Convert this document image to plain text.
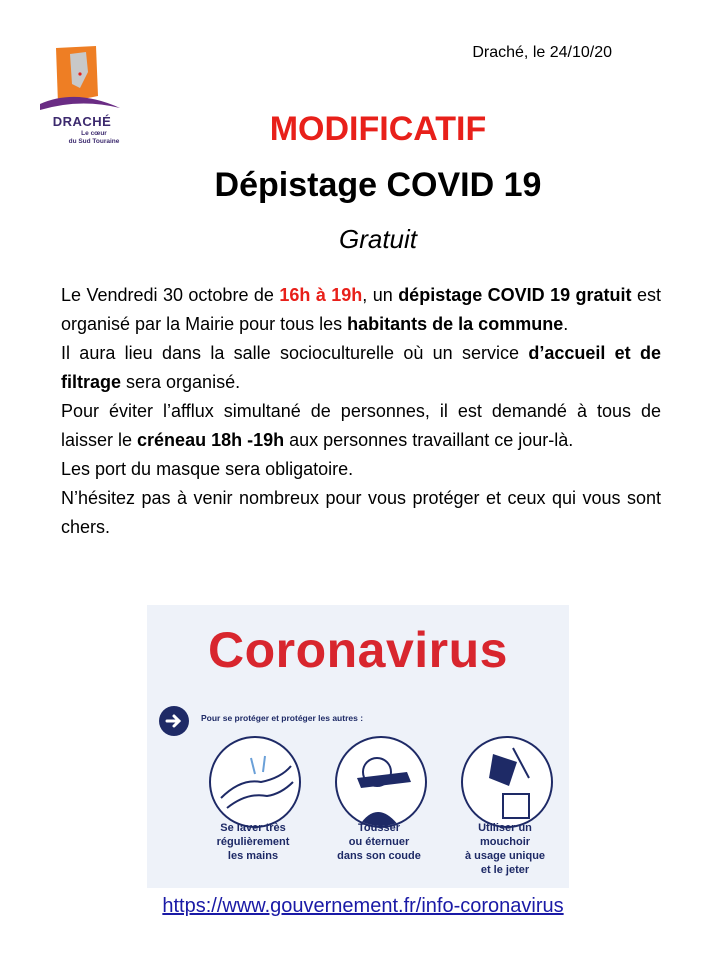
DRACHÉ
Le cœur
du Sud Touraine
Draché, le 24/10/20
MODIFICATIF
Dépistage COVID 19
Gratuit

Le Vendredi 30 octobre de 16h à 19h, un dépistage COVID 19 gratuit est organisé par la Mairie pour tous les habitants de la commune.

Il aura lieu dans la salle socioculturelle où un service d’accueil et de filtrage sera organisé.

Pour éviter l’afflux simultané de personnes, il est demandé à tous de laisser le créneau 18h -19h aux personnes travaillant ce jour-là.

Les port du masque sera obligatoire.

N’hésitez pas à venir nombreux pour vous protéger et ceux qui vous sont chers.

Coronavirus
Pour se protéger et protéger les autres :
Se laver très
régulièrement
les mains
Tousser
ou éternuer
dans son coude
Utiliser un
mouchoir
à usage unique
et le jeter
https://www.gouvernement.fr/info-coronavirus
